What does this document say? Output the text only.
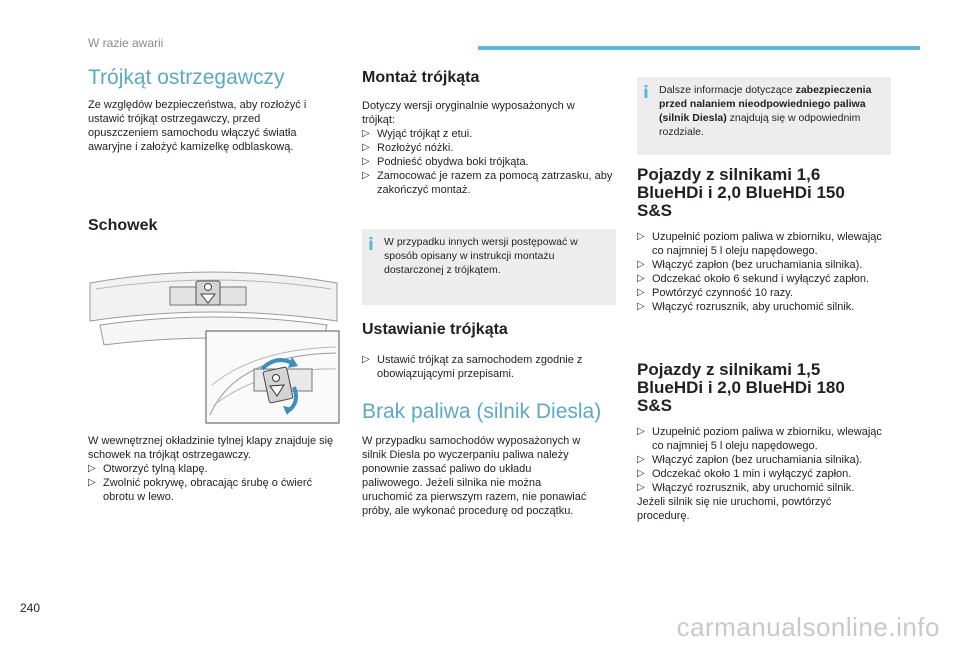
W razie awarii
Trójkąt ostrzegawczy

Ze względów bezpieczeństwa, aby rozłożyć i ustawić trójkąt ostrzegawczy, przed opuszczeniem samochodu włączyć światła awaryjne i założyć kamizelkę odblaskową.

Schowek

W wewnętrznej okładzinie tylnej klapy znajduje się schowek na trójkąt ostrzegawczy.

▷ Otworzyć tylną klapę.
▷ Zwolnić pokrywę, obracając śrubę o ćwierć obrotu w lewo.
Montaż trójkąta

Dotyczy wersji oryginalnie wyposażonych w trójkąt:

▷ Wyjąć trójkąt z etui.
▷ Rozłożyć nóżki.
▷ Podnieść obydwa boki trójkąta.
▷ Zamocować je razem za pomocą zatrzasku, aby zakończyć montaż.
i W przypadku innych wersji postępować w sposób opisany w instrukcji montażu dostarczonej z trójkątem.
Ustawianie trójkąta
▷ Ustawić trójkąt za samochodem zgodnie z obowiązującymi przepisami.
Brak paliwa (silnik Diesla)

W przypadku samochodów wyposażonych w silnik Diesla po wyczerpaniu paliwa należy ponownie zassać paliwo do układu paliwowego. Jeżeli silnika nie można uruchomić za pierwszym razem, nie ponawiać próby, ale wykonać procedurę od początku.

i Dalsze informacje dotyczące zabezpieczenia przed nalaniem nieodpowiedniego paliwa (silnik Diesla) znajdują się w odpowiednim rozdziale.
Pojazdy z silnikami 1,6 BlueHDi i 2,0 BlueHDi 150 S&S
▷ Uzupełnić poziom paliwa w zbiorniku, wlewając co najmniej 5 l oleju napędowego.
▷ Włączyć zapłon (bez uruchamiania silnika).
▷ Odczekać około 6 sekund i wyłączyć zapłon.
▷ Powtórzyć czynność 10 razy.
▷ Włączyć rozrusznik, aby uruchomić silnik.
Pojazdy z silnikami 1,5 BlueHDi i 2,0 BlueHDi 180 S&S
▷ Uzupełnić poziom paliwa w zbiorniku, wlewając co najmniej 5 l oleju napędowego.
▷ Włączyć zapłon (bez uruchamiania silnika).
▷ Odczekać około 1 min i wyłączyć zapłon.
▷ Włączyć rozrusznik, aby uruchomić silnik.

Jeżeli silnik się nie uruchomi, powtórzyć procedurę.

240
carmanualsonline.info
